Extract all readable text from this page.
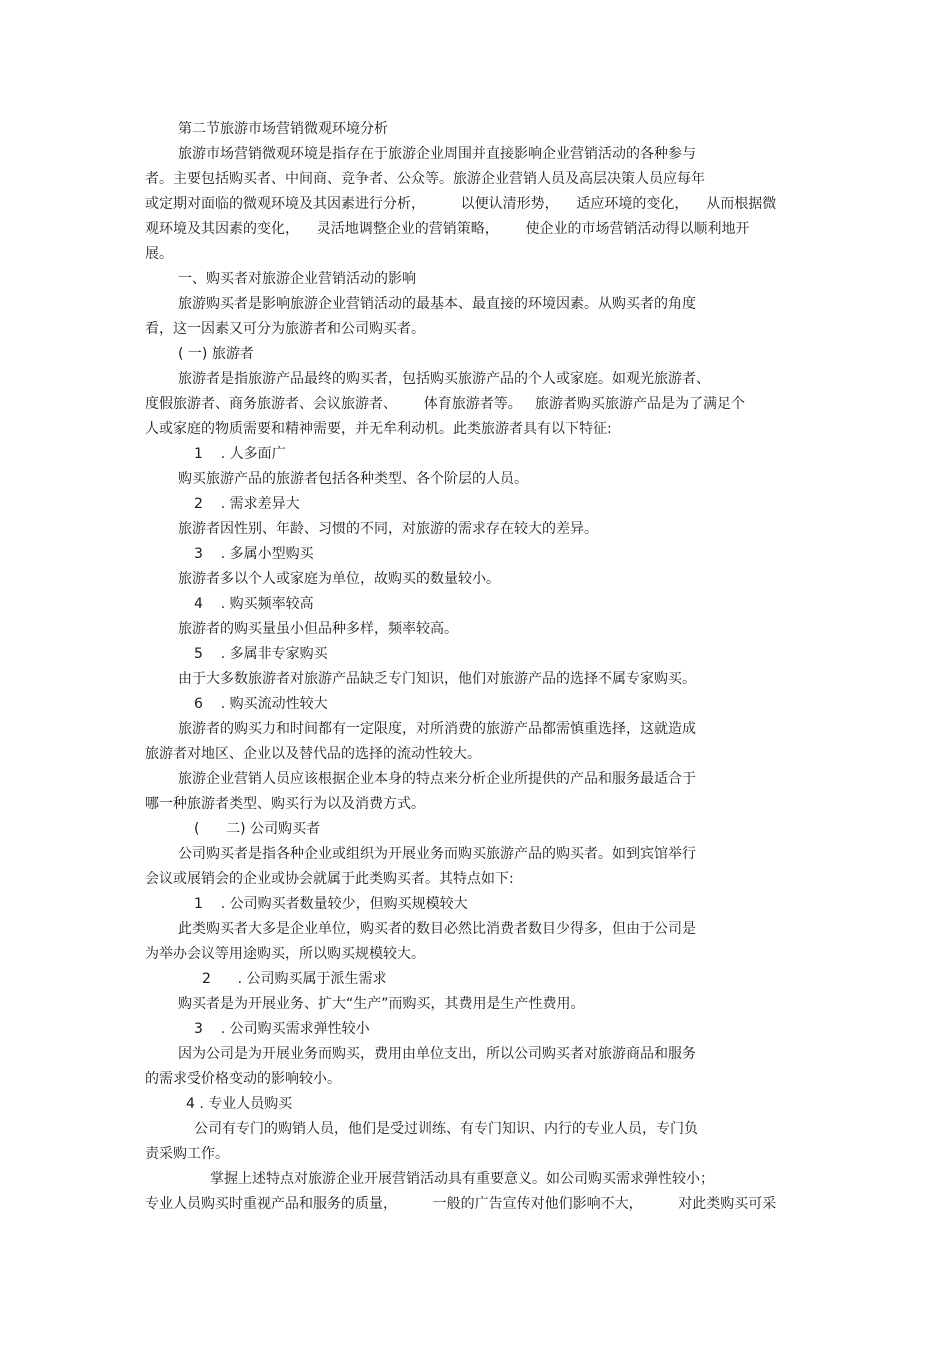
第二节旅游市场营销微观环境分析
旅游市场营销微观环境是指存在于旅游企业周围并直接影响企业营销活动的各种参与
者。主要包括购买者、中间商、竞争者、公众等。旅游企业营销人员及高层决策人员应每年
或定期对面临的微观环境及其因素进行分析，        以便认清形势，    适应环境的变化，    从而根据微
观环境及其因素的变化，    灵活地调整企业的营销策略，      使企业的市场营销活动得以顺利地开
展。
一、购买者对旅游企业营销活动的影响
旅游购买者是影响旅游企业营销活动的最基本、最直接的环境因素。从购买者的角度
看，这一因素又可分为旅游者和公司购买者。
( 一) 旅游者
旅游者是指旅游产品最终的购买者，包括购买旅游产品的个人或家庭。如观光旅游者、
度假旅游者、商务旅游者、会议旅游者、      体育旅游者等。   旅游者购买旅游产品是为了满足个
人或家庭的物质需要和精神需要，并无牟利动机。此类旅游者具有以下特征:
1    . 人多面广
购买旅游产品的旅游者包括各种类型、各个阶层的人员。
2    . 需求差异大
旅游者因性别、年龄、习惯的不同，对旅游的需求存在较大的差异。
3    . 多属小型购买
旅游者多以个人或家庭为单位，故购买的数量较小。
4    . 购买频率较高
旅游者的购买量虽小但品种多样，频率较高。
5    . 多属非专家购买
由于大多数旅游者对旅游产品缺乏专门知识，他们对旅游产品的选择不属专家购买。
6    . 购买流动性较大
旅游者的购买力和时间都有一定限度，对所消费的旅游产品都需慎重选择，这就造成
旅游者对地区、企业以及替代品的选择的流动性较大。
旅游企业营销人员应该根据企业本身的特点来分析企业所提供的产品和服务最适合于
哪一种旅游者类型、购买行为以及消费方式。
(      二) 公司购买者
公司购买者是指各种企业或组织为开展业务而购买旅游产品的购买者。如到宾馆举行
会议或展销会的企业或协会就属于此类购买者。其特点如下:
1    . 公司购买者数量较少，但购买规模较大
此类购买者大多是企业单位，购买者的数目必然比消费者数目少得多，但由于公司是
为举办会议等用途购买，所以购买规模较大。
2      . 公司购买属于派生需求
购买者是为开展业务、扩大“生产”而购买，其费用是生产性费用。
3    . 公司购买需求弹性较小
因为公司是为开展业务而购买，费用由单位支出，所以公司购买者对旅游商品和服务
的需求受价格变动的影响较小。
4 . 专业人员购买
公司有专门的购销人员，他们是受过训练、有专门知识、内行的专业人员，专门负
责采购工作。
掌握上述特点对旅游企业开展营销活动具有重要意义。如公司购买需求弹性较小；
专业人员购买时重视产品和服务的质量，        一般的广告宣传对他们影响不大，        对此类购买可采
